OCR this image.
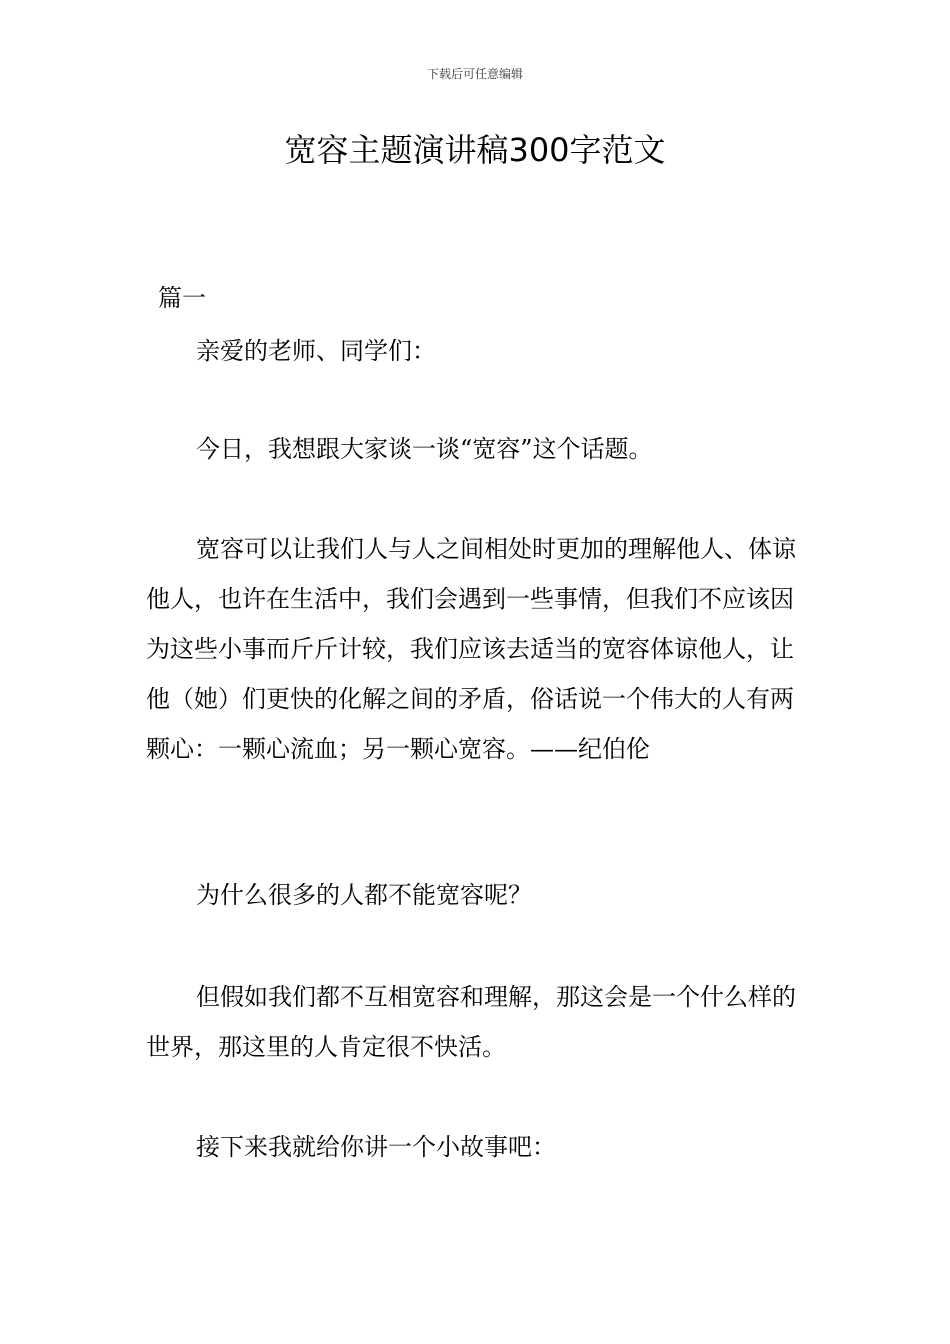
下载后可任意编辑
宽容主题演讲稿300字范文
篇一

亲爱的老师、同学们：

今日，我想跟大家谈一谈“宽容”这个话题。

宽容可以让我们人与人之间相处时更加的理解他人、体谅他人，也许在生活中，我们会遇到一些事情，但我们不应该因为这些小事而斤斤计较，我们应该去适当的宽容体谅他人，让他（她）们更快的化解之间的矛盾，俗话说一个伟大的人有两颗心：一颗心流血；另一颗心宽容。——纪伯伦

为什么很多的人都不能宽容呢？

但假如我们都不互相宽容和理解，那这会是一个什么样的世界，那这里的人肯定很不快活。

接下来我就给你讲一个小故事吧：
